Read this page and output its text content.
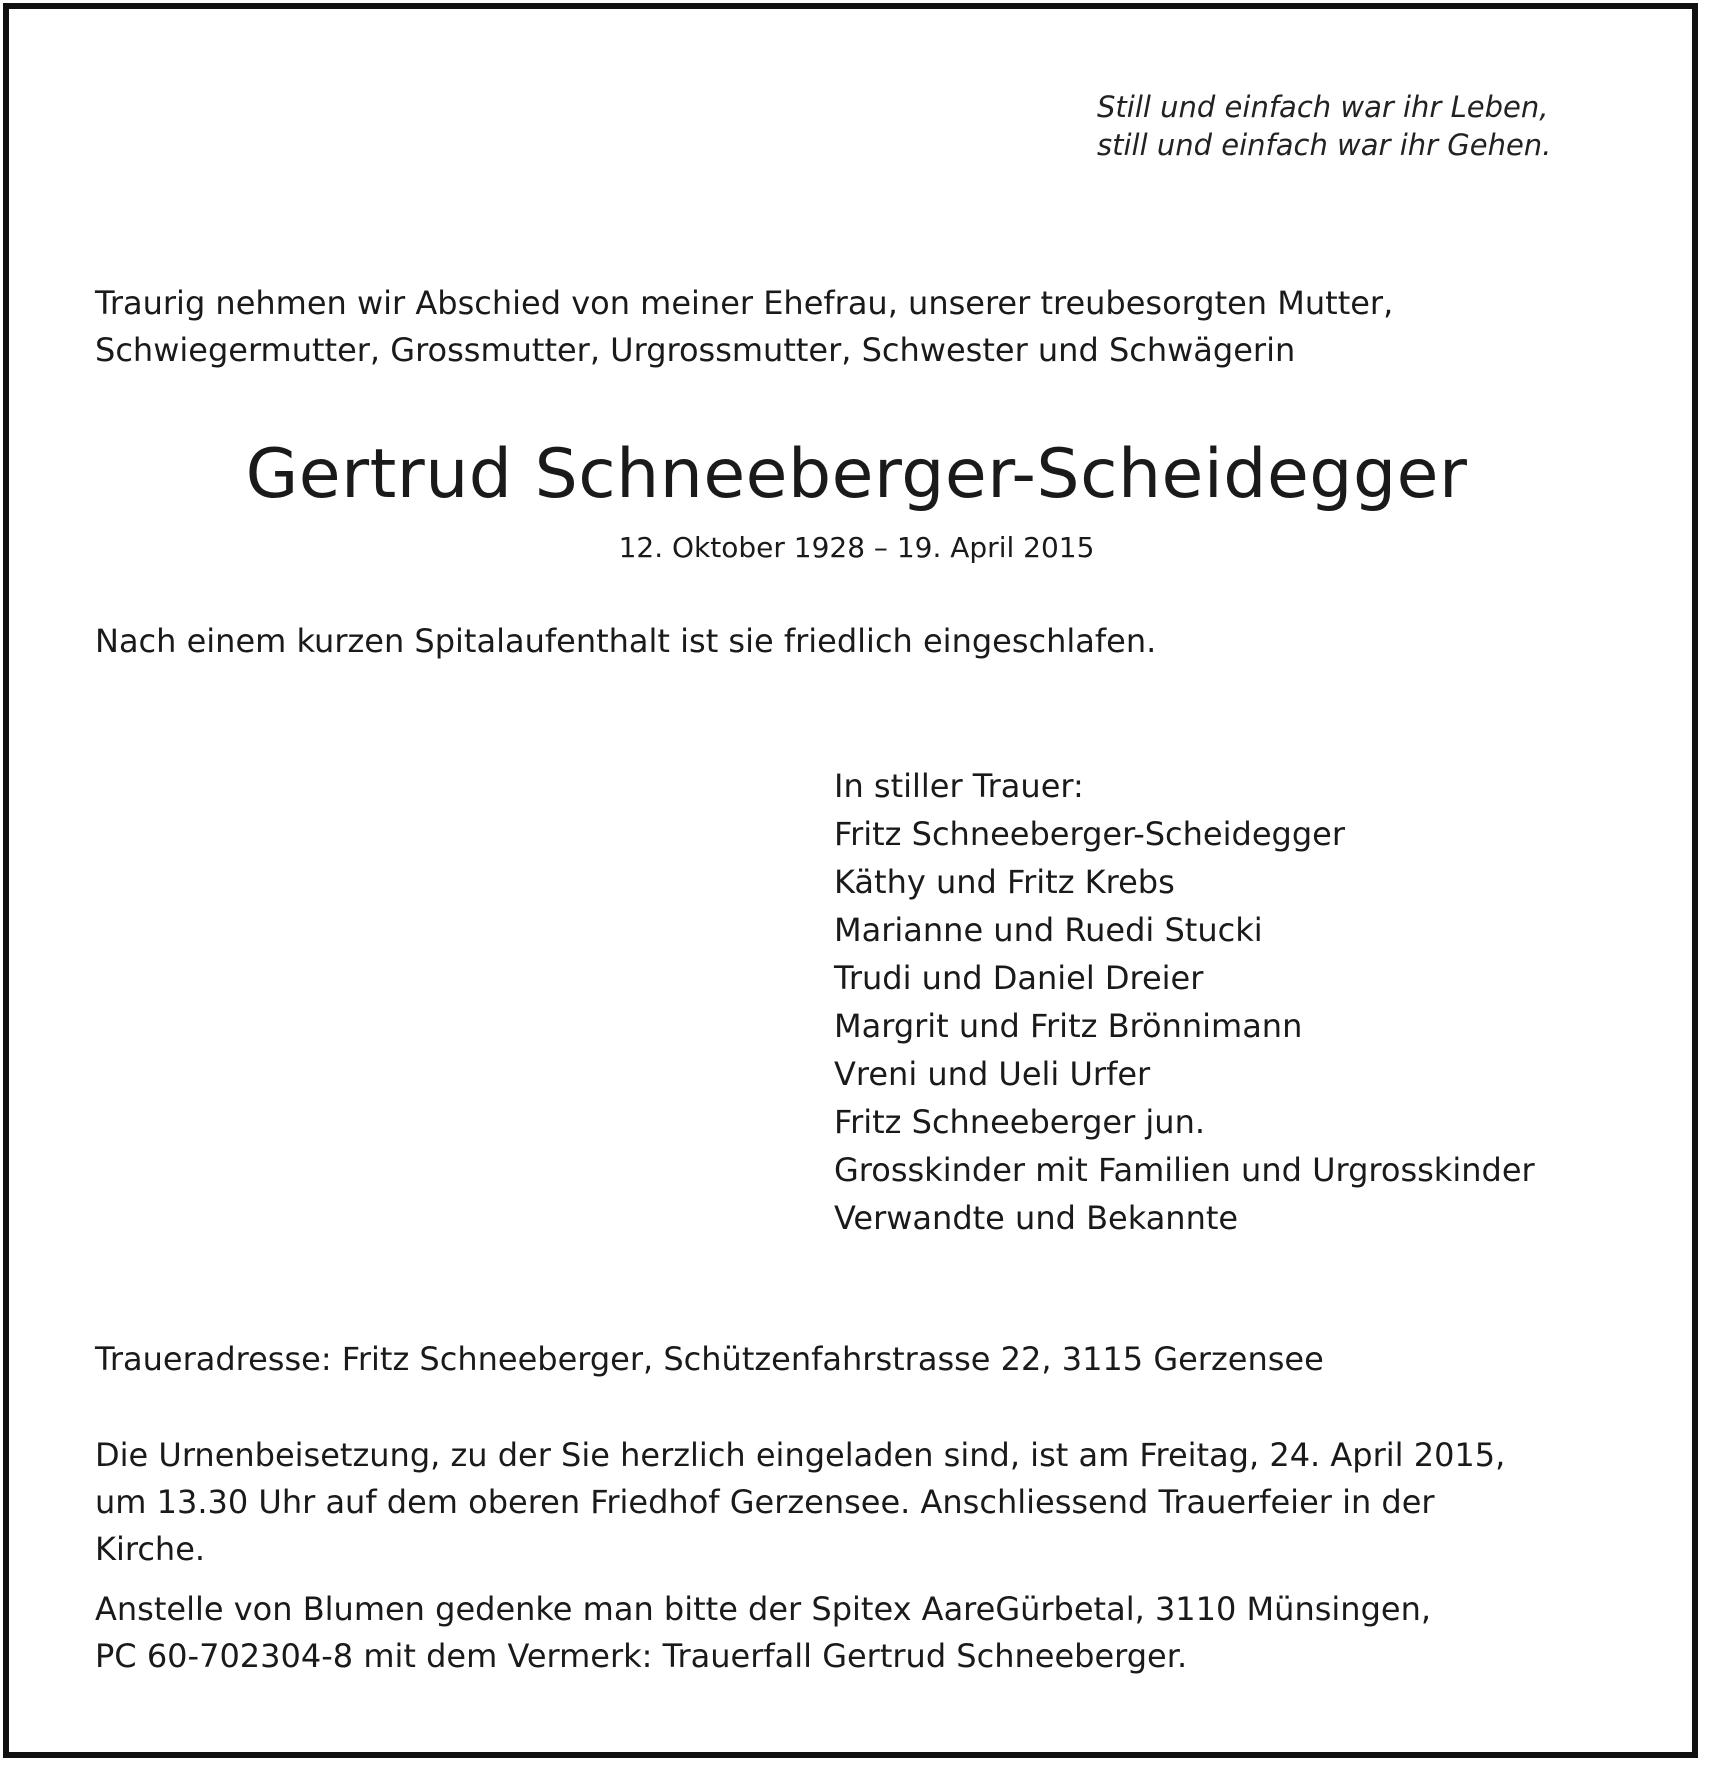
Still und einfach war ihr Leben,
still und einfach war ihr Gehen.
Traurig nehmen wir Abschied von meiner Ehefrau, unserer treubesorgten Mutter,
Schwiegermutter, Grossmutter, Urgrossmutter, Schwester und Schwägerin
Gertrud Schneeberger-Scheidegger
12. Oktober 1928 – 19. April 2015
Nach einem kurzen Spitalaufenthalt ist sie friedlich eingeschlafen.
In stiller Trauer:
Fritz Schneeberger-Scheidegger
Käthy und Fritz Krebs
Marianne und Ruedi Stucki
Trudi und Daniel Dreier
Margrit und Fritz Brönnimann
Vreni und Ueli Urfer
Fritz Schneeberger jun.
Grosskinder mit Familien und Urgrosskinder
Verwandte und Bekannte
Traueradresse: Fritz Schneeberger, Schützenfahrstrasse 22, 3115 Gerzensee
Die Urnenbeisetzung, zu der Sie herzlich eingeladen sind, ist am Freitag, 24. April 2015,
um 13.30 Uhr auf dem oberen Friedhof Gerzensee. Anschliessend Trauerfeier in der
Kirche.
Anstelle von Blumen gedenke man bitte der Spitex AareGürbetal, 3110 Münsingen,
PC 60-702304-8 mit dem Vermerk: Trauerfall Gertrud Schneeberger.
